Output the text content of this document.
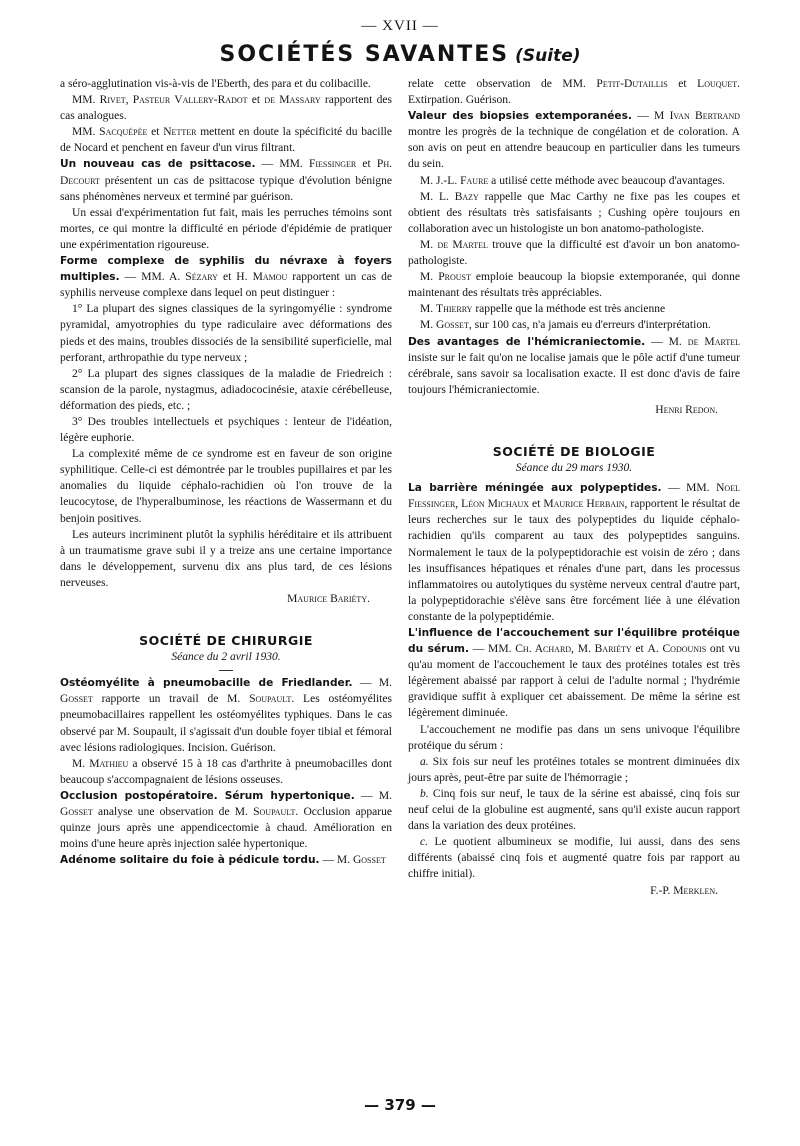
— XVII —
SOCIÉTÉS SAVANTES (Suite)

a séro-agglutination vis-à-vis de l'Eberth, des para et du colibacille.

MM. Rivet, Pasteur Vallery-Radot et de Massary rapportent des cas analogues.

MM. Sacquépée et Netter mettent en doute la spécificité du bacille de Nocard et penchent en faveur d'un virus filtrant.

Un nouveau cas de psittacose. — MM. Fiessinger et Ph. Decourt présentent un cas de psittacose typique d'évolution bénigne sans phénomènes nerveux et terminé par guérison.

Un essai d'expérimentation fut fait, mais les perruches témoins sont mortes, ce qui montre la difficulté en période d'épidémie de pratiquer une expérimentation rigoureuse.

Forme complexe de syphilis du névraxe à foyers multiples. — MM. A. Sézary et H. Mamou rapportent un cas de syphilis nerveuse complexe dans lequel on peut distinguer :

1° La plupart des signes classiques de la syringomyélie : syndrome pyramidal, amyotrophies du type radiculaire avec déformations des pieds et des mains, troubles dissociés de la sensibilité superficielle, mal perforant, arthropathie du type nerveux ;

2° La plupart des signes classiques de la maladie de Friedreich : scansion de la parole, nystagmus, adiadococinésie, ataxie cérébelleuse, déformation des pieds, etc. ;

3° Des troubles intellectuels et psychiques : lenteur de l'idéation, légère euphorie.

La complexité même de ce syndrome est en faveur de son origine syphilitique. Celle-ci est démontrée par le troubles pupillaires et par les anomalies du liquide céphalo-rachidien où l'on trouve de la leucocytose, de l'hyperalbuminose, les réactions de Wassermann et du benjoin positives.

Les auteurs incriminent plutôt la syphilis héréditaire et ils attribuent à un traumatisme grave subi il y a treize ans une certaine importance dans le développement, survenu dix ans plus tard, de ces lésions nerveuses.

Maurice Bariéty.

SOCIÉTÉ DE CHIRURGIE

Séance du 2 avril 1930.

Ostéomyélite à pneumobacille de Friedlander. — M. Gosset rapporte un travail de M. Soupault. Les ostéomyélites pneumobacillaires rappellent les ostéomyélites typhiques. Dans le cas observé par M. Soupault, il s'agissait d'un double foyer tibial et fémoral avec lésions radiologiques. Incision. Guérison.

M. Mathieu a observé 15 à 18 cas d'arthrite à pneumobacilles dont beaucoup s'accompagnaient de lésions osseuses.

Occlusion postopératoire. Sérum hypertonique. — M. Gosset analyse une observation de M. Soupault. Occlusion apparue quinze jours après une appendicectomie à chaud. Amélioration en moins d'une heure après injection salée hypertonique.

Adénome solitaire du foie à pédicule tordu. — M. Gosset

relate cette observation de MM. Petit-Dutaillis et Louquet. Extirpation. Guérison.

Valeur des biopsies extemporanées. — M Ivan Bertrand montre les progrès de la technique de congélation et de coloration. A son avis on peut en attendre beaucoup en particulier dans les tumeurs du sein.

M. J.-L. Faure a utilisé cette méthode avec beaucoup d'avantages.

M. L. Bazy rappelle que Mac Carthy ne fixe pas les coupes et obtient des résultats très satisfaisants ; Cushing opère toujours en collaboration avec un histologiste un bon anatomo-pathologiste.

M. de Martel trouve que la difficulté est d'avoir un bon anatomo-pathologiste.

M. Proust emploie beaucoup la biopsie extemporanée, qui donne maintenant des résultats très appréciables.

M. Thierry rappelle que la méthode est très ancienne

M. Gosset, sur 100 cas, n'a jamais eu d'erreurs d'interprétation.

Des avantages de l'hémicraniectomie. — M. de Martel insiste sur le fait qu'on ne localise jamais que le pôle actif d'une tumeur cérébrale, sans savoir sa localisation exacte. Il est donc d'avis de faire toujours l'hémicraniectomie.

Henri Redon.

SOCIÉTÉ DE BIOLOGIE

Séance du 29 mars 1930.

La barrière méningée aux polypeptides. — MM. Noel Fiessinger, Léon Michaux et Maurice Herbain, rapportent le résultat de leurs recherches sur le taux des polypeptides du liquide céphalo-rachidien qu'ils comparent au taux des polypeptides sanguins. Normalement le taux de la polypeptidorachie est voisin de zéro ; dans les insuffisances hépatiques et rénales d'une part, dans les processus inflammatoires ou autolytiques du système nerveux central d'autre part, la polypeptidorachie s'élève sans être forcément liée à une élévation constante de la polypeptidémie.

L'influence de l'accouchement sur l'équilibre protéique du sérum. — MM. Ch. Achard, M. Bariéty et A. Codounis ont vu qu'au moment de l'accouchement le taux des protéines totales est très légèrement abaissé par rapport à celui de l'adulte normal ; l'hydrémie gravidique suffit à expliquer cet abaissement. De même la sérine est légèrement diminuée.

L'accouchement ne modifie pas dans un sens univoque l'équilibre protéique du sérum :

a. Six fois sur neuf les protéines totales se montrent diminuées dix jours après, peut-être par suite de l'hémorragie ;

b. Cinq fois sur neuf, le taux de la sérine est abaissé, cinq fois sur neuf celui de la globuline est augmenté, sans qu'il existe aucun rapport dans la variation des deux protéines.

c. Le quotient albumineux se modifie, lui aussi, dans des sens différents (abaissé cinq fois et augmenté quatre fois par rapport au chiffre initial).

F.-P. Merklen.

— 379 —
